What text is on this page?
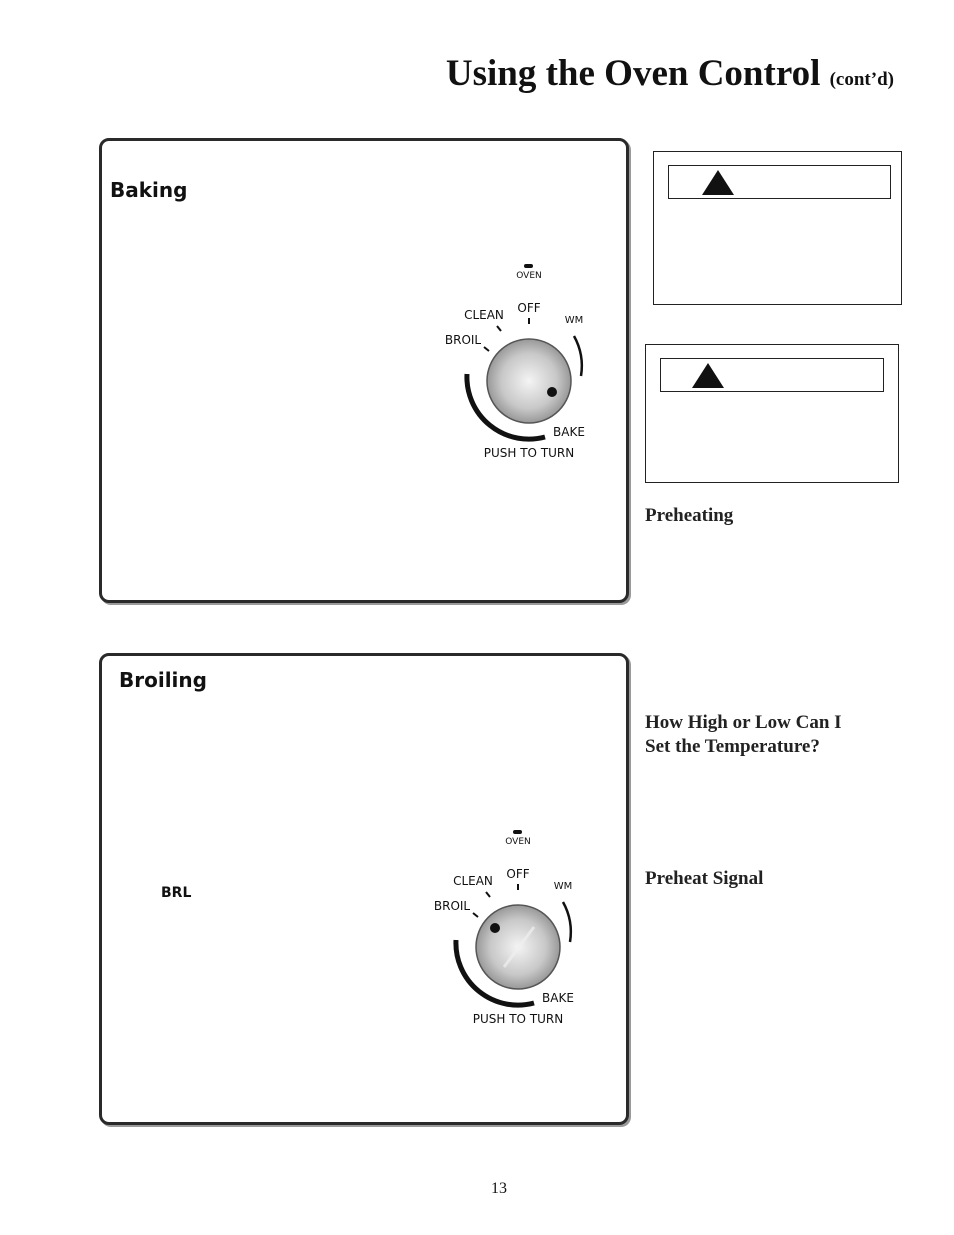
Using the Oven Control (cont’d)
Baking
OVEN
OFF
CLEAN	WM
BROIL
BAKE
PUSH TO TURN
Broiling
BRL
OVEN
OFF
CLEAN	WM
BROIL
BAKE
PUSH TO TURN
Preheating
How High or Low Can I
Set the Temperature?
Preheat Signal
13
